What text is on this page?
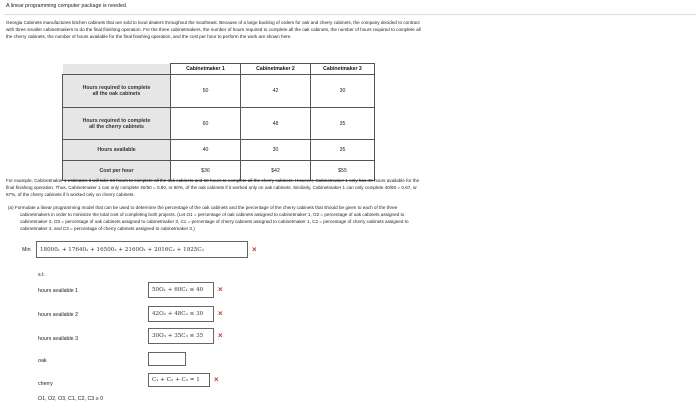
A linear programming computer package is needed.
Georgia Cabinets manufactures kitchen cabinets that are sold to local dealers throughout the Southeast. Because of a large backlog of orders for oak and cherry cabinets, the company decided to contract
with three smaller cabinetmakers to do the final finishing operation. For the three cabinetmakers, the number of hours required to complete all the oak cabinets, the number of hours required to complete all
the cherry cabinets, the number of hours available for the final finishing operation, and the cost per hour to perform the work are shown here.
	Cabinetmaker 1	Cabinetmaker 2	Cabinetmaker 3

Hours required to complete
all the oak cabinets	50	42	30

Hours required to complete
all the cherry cabinets	60	48	35

Hours available	40	30	35

Cost per hour	$36	$42	$55
For example, Cabinetmaker 1 estimates it will take 50 hours to complete all the oak cabinets and 60 hours to complete all the cherry cabinets. However, Cabinetmaker 1 only has 40 hours available for the
final finishing operation. Thus, Cabinetmaker 1 can only complete 40/50 = 0.80, or 80%, of the oak cabinets if it worked only on oak cabinets. Similarly, Cabinetmaker 1 can only complete 40/60 = 0.67, or
67%, of the cherry cabinets if it worked only on cherry cabinets.
(a) Formulate a linear programming model that can be used to determine the percentage of the oak cabinets and the percentage of the cherry cabinets that should be given to each of the three
cabinetmakers in order to minimize the total cost of completing both projects. (Let O1 = percentage of oak cabinets assigned to cabinetmaker 1, O2 = percentage of oak cabinets assigned to
cabinetmaker 2, O3 = percentage of oak cabinets assigned to cabinetmaker 3, C1 = percentage of cherry cabinets assigned to cabinetmaker 1, C2 = percentage of cherry cabinets assigned to
cabinetmaker 2, and C3 = percentage of cherry cabinets assigned to cabinetmaker 3.)
Min	18000₁ + 17640₂ + 16500₃ + 2160O₁ + 2016C₂ + 1925C₃	×
s.t.
hours available 1	50O₁ + 60C₁ ≤ 40	×
hours available 2	42O₂ + 48C₂ ≤ 30	×
hours available 3	30O₃ + 35C₃ ≤ 35	×
oak
cherry
C₁ + C₂ + C₃ = 1	×
O1, O2, O3, C1, C2, C3 ≥ 0
